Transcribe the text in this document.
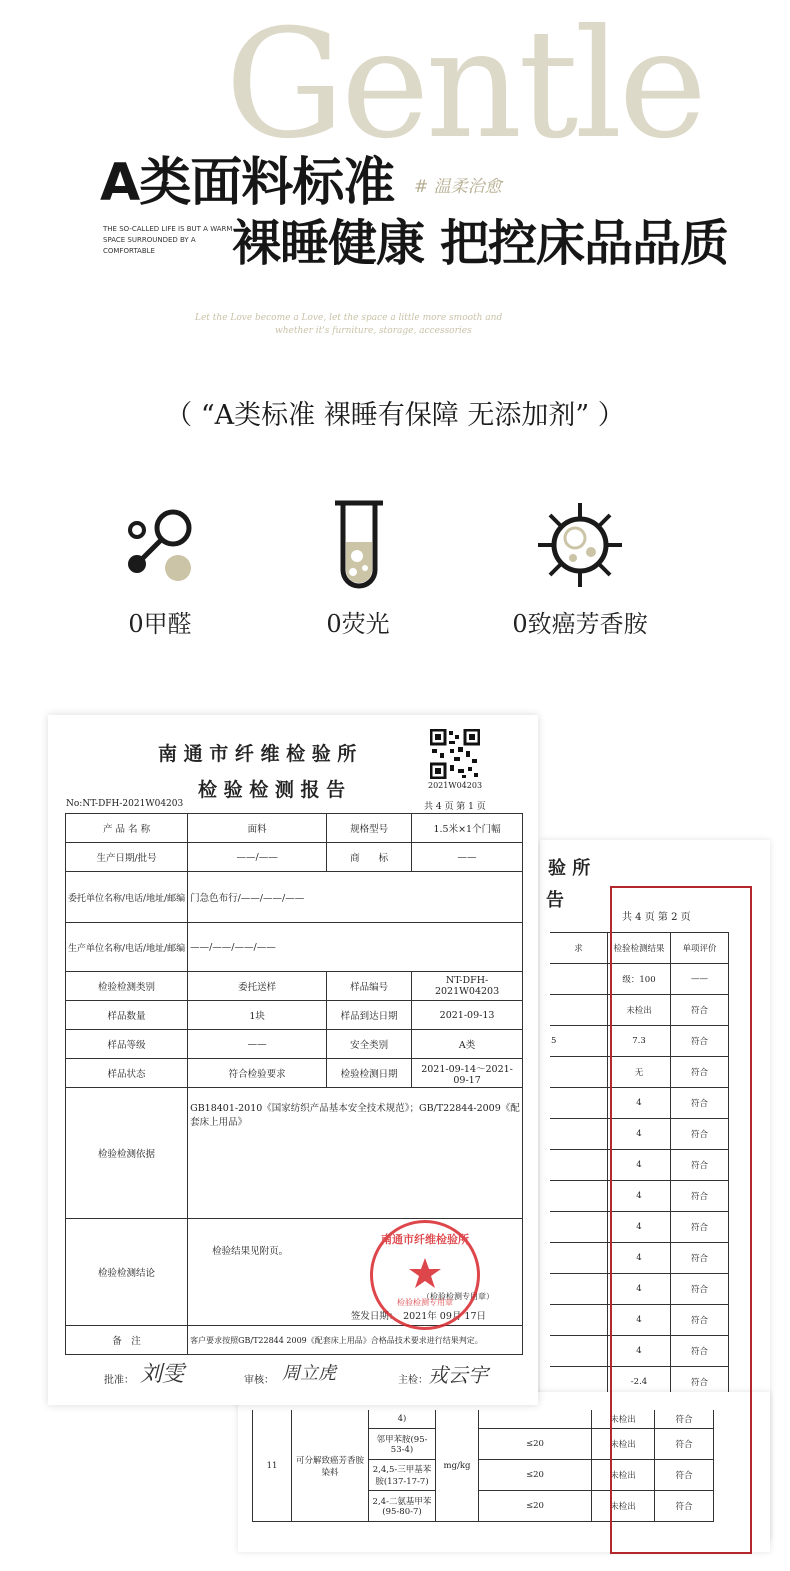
Gentle
A类面料标准 # 温柔治愈
THE SO-CALLED LIFE IS BUT A WARM SPACE SURROUNDED BY A COMFORTABLE	裸睡健康 把控床品品质
Let the Love become a Love, let the space a little more smooth and
whether it's furniture, storage, accessories
（ “A类标准 裸睡有保障 无添加剂” ）
0甲醛	0荧光	0致癌芳香胺
验 所
告
共 4 页 第 2 页
求	检验检测结果	单项评价
	级：100	——
	未检出	符合
5	7.3	符合
	无	符合
	4	符合
	4	符合
	4	符合
	4	符合
	4	符合
	4	符合
	4	符合
	4	符合
	4	符合
	-2.4	符合

11	可分解致癌芳香胺染料	4)	mg/kg		未检出	符合
		邻甲苯胺(95-53-4)		≤20	未检出	符合
		2,4,5-三甲基苯胺(137-17-7)		≤20	未检出	符合
		2,4-二氨基甲苯(95-80-7)		≤20	未检出	符合
南 通 市 纤 维 检 验 所
检 验 检 测 报 告	2021W04203
No:NT-DFH-2021W04203	共 4 页 第 1 页
产 品 名 称	面料	规格型号	1.5米×1个门幅
生产日期/批号	——/——	商　　标	——
委托单位名称/电话/地址/邮编	门急色布行/——/——/——		
生产单位名称/电话/地址/邮编	——/——/——/——		
检验检测类别	委托送样	样品编号	NT-DFH-2021W04203
样品数量	1块	样品到达日期	2021-09-13
样品等级	——	安全类别	A类
样品状态	符合检验要求	检验检测日期	2021-09-14～2021-09-17
检验检测依据	GB18401-2010《国家纺织产品基本安全技术规范》；GB/T22844-2009《配套床上用品》		
检验检测结论	检验结果见附页。
（检验检测专用章）
签发日期：　2021年 09月 17日		

备　注	客户要求按照GB/T22844 2009《配套床上用品》合格品技术要求进行结果判定。		
批准： 刘雯	审核： 周立虎	主检： 戎云宇
南通市纤维检验所
检验检测专用章
